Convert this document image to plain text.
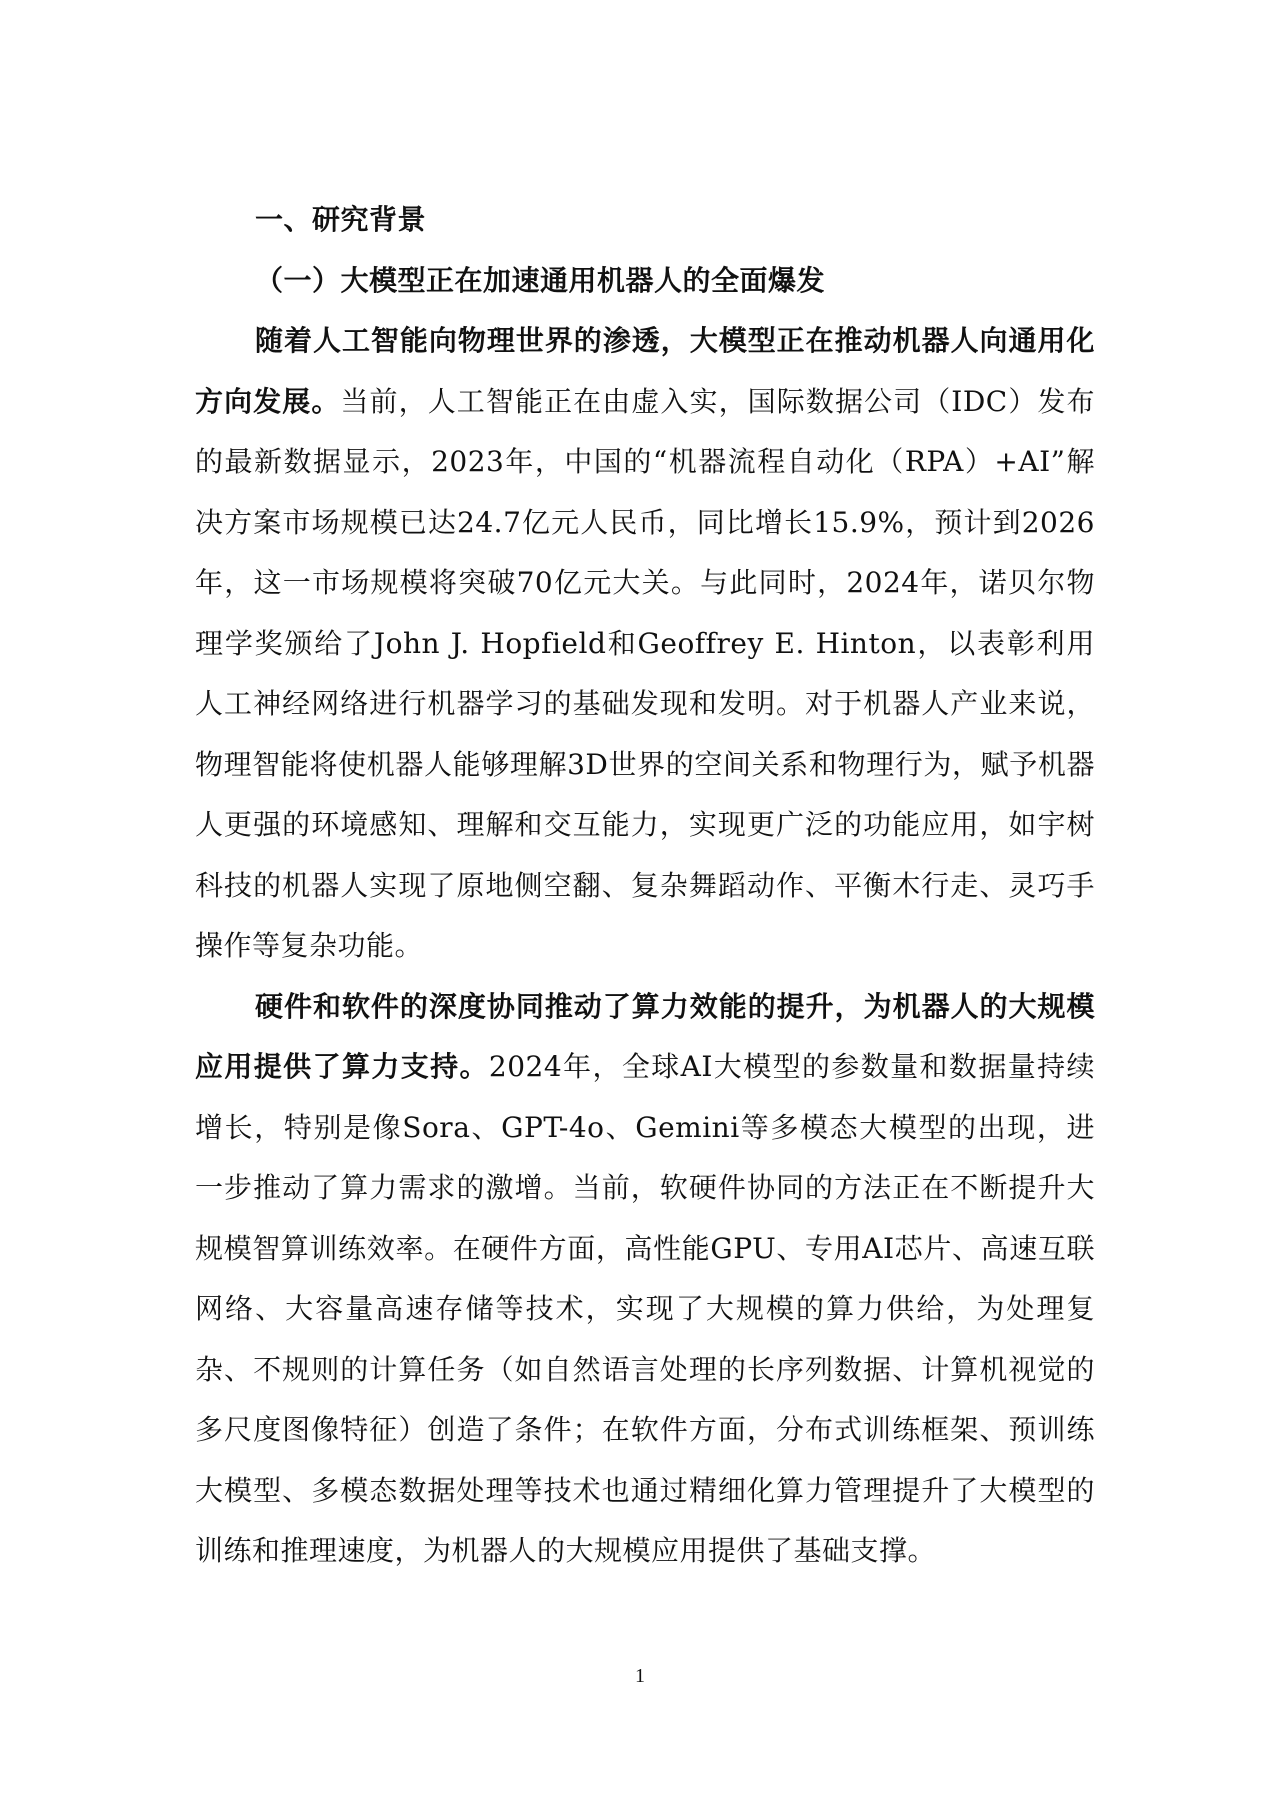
一、研究背景

（一）大模型正在加速通用机器人的全面爆发

随着人工智能向物理世界的渗透，大模型正在推动机器人向通用化方向发展。当前，人工智能正在由虚入实，国际数据公司（IDC）发布的最新数据显示，2023年，中国的“机器流程自动化（RPA）+AI”解决方案市场规模已达24.7亿元人民币，同比增长15.9%，预计到2026年，这一市场规模将突破70亿元大关。与此同时，2024年，诺贝尔物理学奖颁给了John J. Hopfield和Geoffrey E. Hinton，以表彰利用人工神经网络进行机器学习的基础发现和发明。对于机器人产业来说，物理智能将使机器人能够理解3D世界的空间关系和物理行为，赋予机器人更强的环境感知、理解和交互能力，实现更广泛的功能应用，如宇树科技的机器人实现了原地侧空翻、复杂舞蹈动作、平衡木行走、灵巧手操作等复杂功能。

硬件和软件的深度协同推动了算力效能的提升，为机器人的大规模应用提供了算力支持。2024年，全球AI大模型的参数量和数据量持续增长，特别是像Sora、GPT-4o、Gemini等多模态大模型的出现，进一步推动了算力需求的激增。当前，软硬件协同的方法正在不断提升大规模智算训练效率。在硬件方面，高性能GPU、专用AI芯片、高速互联网络、大容量高速存储等技术，实现了大规模的算力供给，为处理复杂、不规则的计算任务（如自然语言处理的长序列数据、计算机视觉的多尺度图像特征）创造了条件；在软件方面，分布式训练框架、预训练大模型、多模态数据处理等技术也通过精细化算力管理提升了大模型的训练和推理速度，为机器人的大规模应用提供了基础支撑。

1
